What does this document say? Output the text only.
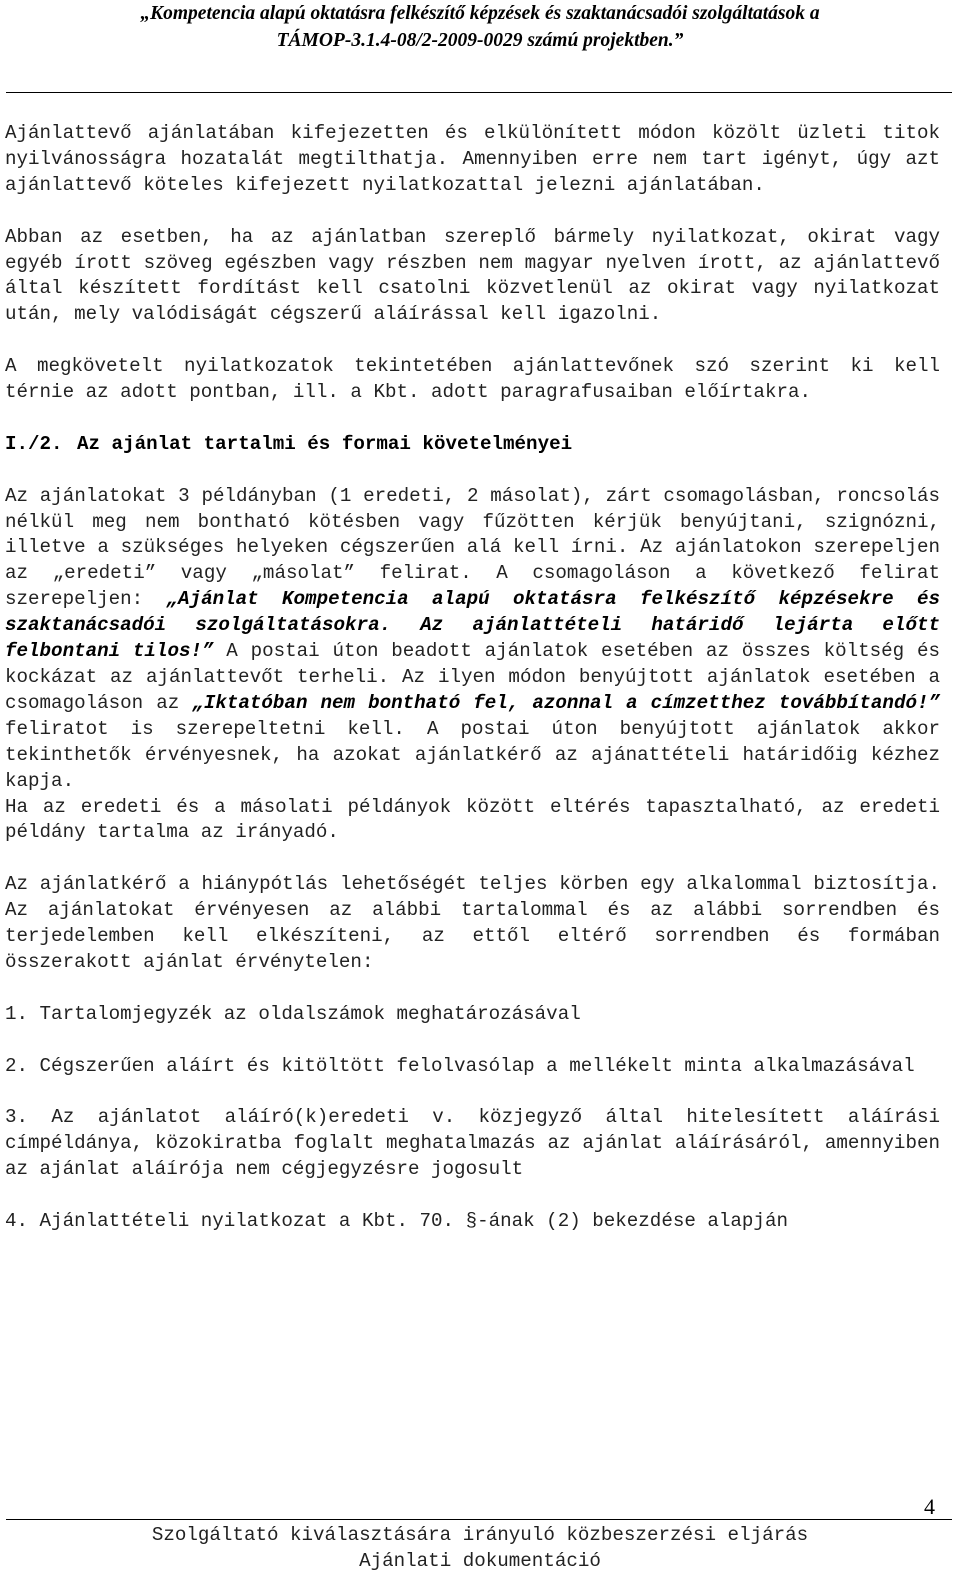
„Kompetencia alapú oktatásra felkészítő képzések és szaktanácsadói szolgáltatások a
TÁMOP-3.1.4-08/2-2009-0029 számú projektben.”

Ajánlattevő ajánlatában kifejezetten és elkülönített módon közölt üzleti titok nyilvánosságra hozatalát megtilthatja. Amennyiben erre nem tart igényt, úgy azt ajánlattevő köteles kifejezett nyilatkozattal jelezni ajánlatában.

Abban az esetben, ha az ajánlatban szereplő bármely nyilatkozat, okirat vagy egyéb írott szöveg egészben vagy részben nem magyar nyelven írott, az ajánlattevő által készített fordítást kell csatolni közvetlenül az okirat vagy nyilatkozat után, mely valódiságát cégszerű aláírással kell igazolni.

A megkövetelt nyilatkozatok tekintetében ajánlattevőnek szó szerint ki kell térnie az adott pontban, ill. a Kbt. adott paragrafusaiban előírtakra.

I./2. Az ajánlat tartalmi és formai követelményei

Az ajánlatokat 3 példányban (1 eredeti, 2 másolat), zárt csomagolásban, roncsolás nélkül meg nem bontható kötésben vagy fűzötten kérjük benyújtani, szignózni, illetve a szükséges helyeken cégszerűen alá kell írni. Az ajánlatokon szerepeljen az „eredeti” vagy „másolat” felirat. A csomagoláson a következő felirat szerepeljen: „Ajánlat Kompetencia alapú oktatásra felkészítő képzésekre és szaktanácsadói szolgáltatásokra. Az ajánlattételi határidő lejárta előtt felbontani tilos!” A postai úton beadott ajánlatok esetében az összes költség és kockázat az ajánlattevőt terheli. Az ilyen módon benyújtott ajánlatok esetében a csomagoláson az „Iktatóban nem bontható fel, azonnal a címzetthez továbbítandó!” feliratot is szerepeltetni kell. A postai úton benyújtott ajánlatok akkor tekinthetők érvényesnek, ha azokat ajánlatkérő az ajánattételi határidőig kézhez kapja.

Ha az eredeti és a másolati példányok között eltérés tapasztalható, az eredeti példány tartalma az irányadó.

Az ajánlatkérő a hiánypótlás lehetőségét teljes körben egy alkalommal biztosítja. Az ajánlatokat érvényesen az alábbi tartalommal és az alábbi sorrendben és terjedelemben kell elkészíteni, az ettől eltérő sorrendben és formában összerakott ajánlat érvénytelen:

1. Tartalomjegyzék az oldalszámok meghatározásával

2. Cégszerűen aláírt és kitöltött felolvasólap a mellékelt minta alkalmazásával

3. Az ajánlatot aláíró(k)eredeti v. közjegyző által hitelesített aláírási címpéldánya, közokiratba foglalt meghatalmazás az ajánlat aláírásáról, amennyiben az ajánlat aláírója nem cégjegyzésre jogosult

4. Ajánlattételi nyilatkozat a Kbt. 70. §-ának (2) bekezdése alapján

4
Szolgáltató kiválasztására irányuló közbeszerzési eljárás
Ajánlati dokumentáció
